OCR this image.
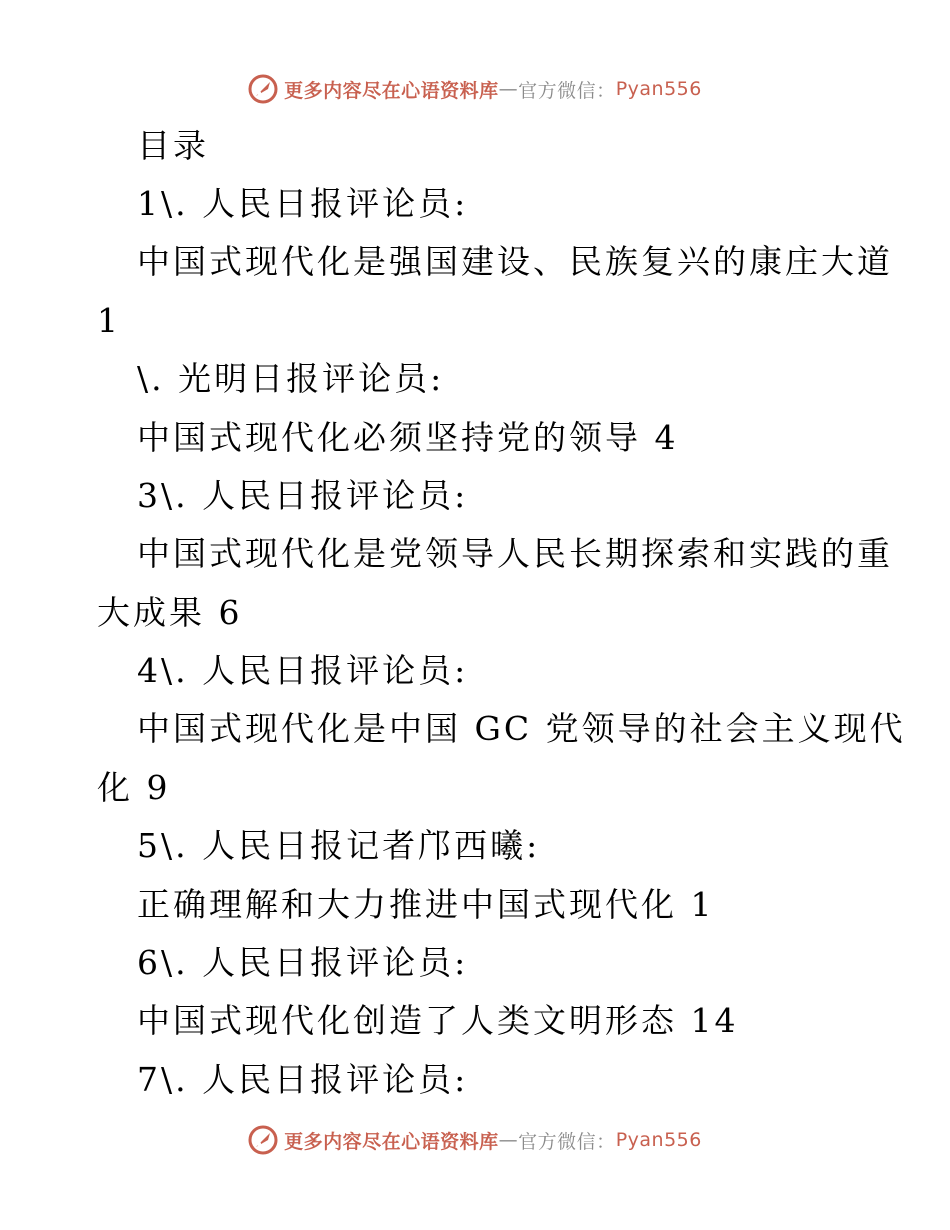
更多内容尽在心语资料库 — 官方微信： Pyan556
目录
1\. 人民日报评论员:
中国式现代化是强国建设、民族复兴的康庄大道
1
\. 光明日报评论员:
中国式现代化必须坚持党的领导 4
3\. 人民日报评论员:
中国式现代化是党领导人民长期探索和实践的重
大成果 6
4\. 人民日报评论员:
中国式现代化是中国 GC 党领导的社会主义现代
化 9
5\. 人民日报记者邝西曦:
正确理解和大力推进中国式现代化 1
6\. 人民日报评论员:
中国式现代化创造了人类文明形态 14
7\. 人民日报评论员:
更多内容尽在心语资料库 — 官方微信： Pyan556
